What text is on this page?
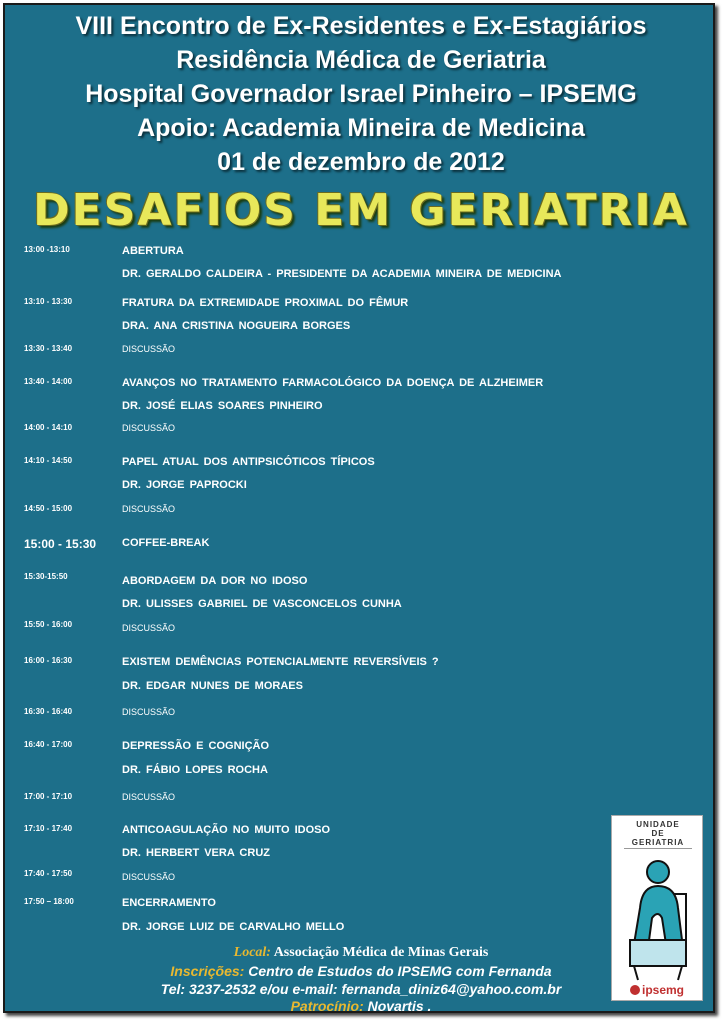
VIII Encontro de Ex-Residentes e Ex-Estagiários
Residência Médica de Geriatria
Hospital Governador Israel Pinheiro – IPSEMG
Apoio: Academia Mineira de Medicina
01 de dezembro de 2012
DESAFIOS EM GERIATRIA
13:00 -13:10	ABERTURA
DR. GERALDO CALDEIRA - PRESIDENTE DA ACADEMIA MINEIRA DE MEDICINA
13:10 - 13:30	FRATURA DA EXTREMIDADE PROXIMAL DO FÊMUR
DRA. ANA CRISTINA NOGUEIRA BORGES
13:30 - 13:40	DISCUSSÃO
13:40 - 14:00	AVANÇOS NO TRATAMENTO FARMACOLÓGICO DA DOENÇA DE ALZHEIMER
DR. JOSÉ ELIAS SOARES PINHEIRO
14:00 - 14:10	DISCUSSÃO
14:10 - 14:50	PAPEL ATUAL DOS ANTIPSICÓTICOS TÍPICOS
DR. JORGE PAPROCKI
14:50 - 15:00	DISCUSSÃO
15:00 - 15:30 COFFEE-BREAK
15:30-15:50	ABORDAGEM DA DOR NO IDOSO
DR. ULISSES GABRIEL DE VASCONCELOS CUNHA
15:50 - 16:00	DISCUSSÃO
16:00 - 16:30	EXISTEM DEMÊNCIAS POTENCIALMENTE REVERSÍVEIS ?
DR. EDGAR NUNES DE MORAES
16:30 - 16:40	DISCUSSÃO
16:40 - 17:00	DEPRESSÃO E COGNIÇÃO
DR. FÁBIO LOPES ROCHA
17:00 - 17:10	DISCUSSÃO
17:10 - 17:40	ANTICOAGULAÇÃO NO MUITO IDOSO
DR. HERBERT VERA CRUZ
17:40 - 17:50	DISCUSSÃO
17:50 – 18:00	ENCERRAMENTO
DR. JORGE LUIZ DE CARVALHO MELLO
Local: Associação Médica de Minas Gerais
Inscrições: Centro de Estudos do IPSEMG com Fernanda
Tel: 3237-2532 e/ou e-mail: fernanda_diniz64@yahoo.com.br
Patrocínio: Novartis .
UNIDADE
DE
GERIATRIA
ipsemg
